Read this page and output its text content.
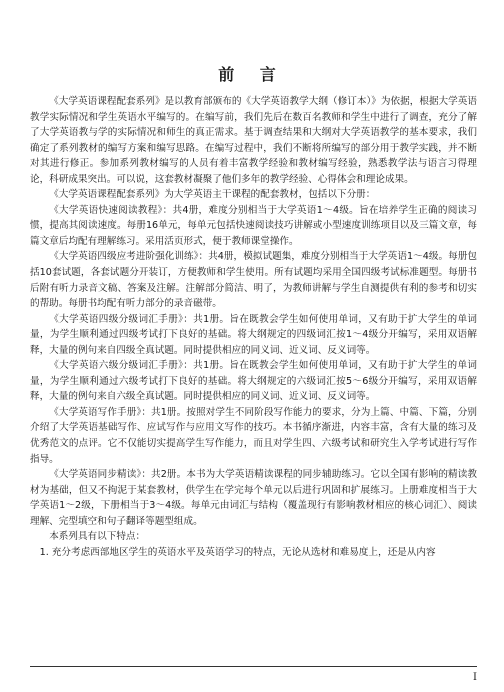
前 言

《大学英语课程配套系列》是以教育部颁布的《大学英语教学大纲（修订本）》为依据，根据大学英语教学实际情况和学生英语水平编写的。在编写前，我们先后在数百名教师和学生中进行了调查，充分了解了大学英语教与学的实际情况和师生的真正需求。基于调查结果和大纲对大学英语教学的基本要求，我们确定了系列教材的编写方案和编写思路。在编写过程中，我们不断将所编写的部分用于教学实践，并不断对其进行修正。参加系列教材编写的人员有着丰富教学经验和教材编写经验，熟悉教学法与语言习得理论，科研成果突出。可以说，这套教材凝聚了他们多年的教学经验、心得体会和理论成果。

《大学英语课程配套系列》为大学英语主干课程的配套教材，包括以下分册：

《大学英语快速阅读教程》：共4册，难度分别相当于大学英语1～4级。旨在培养学生正确的阅读习惯，提高其阅读速度。每册16单元，每单元包括快速阅读技巧讲解或小型速度训练项目以及三篇文章，每篇文章后均配有理解练习。采用活页形式，便于教师课堂操作。

《大学英语四级应考进阶强化训练》：共4册，模拟试题集，难度分别相当于大学英语1～4级。每册包括10套试题，各套试题分开装订，方便教师和学生使用。所有试题均采用全国四级考试标准题型。每册书后附有听力录音文稿、答案及注解。注解部分简洁、明了，为教师讲解与学生自测提供有利的参考和切实的帮助。每册书均配有听力部分的录音磁带。

《大学英语四级分级词汇手册》：共1册。旨在既教会学生如何使用单词，又有助于扩大学生的单词量，为学生顺利通过四级考试打下良好的基础。将大纲规定的四级词汇按1～4级分开编写，采用双语解释，大量的例句来自四级全真试题。同时提供相应的同义词、近义词、反义词等。

《大学英语六级分级词汇手册》：共1册。旨在既教会学生如何使用单词，又有助于扩大学生的单词量，为学生顺利通过六级考试打下良好的基础。将大纲规定的六级词汇按5～6级分开编写，采用双语解释，大量的例句来自六级全真试题。同时提供相应的同义词、近义词、反义词等。

《大学英语写作手册》：共1册。按照对学生不同阶段写作能力的要求，分为上篇、中篇、下篇，分别介绍了大学英语基础写作、应试写作与应用文写作的技巧。本书循序渐进，内容丰富，含有大量的练习及优秀范文的点评。它不仅能切实提高学生写作能力，而且对学生四、六级考试和研究生入学考试进行写作指导。

《大学英语同步精读》：共2册。本书为大学英语精读课程的同步辅助练习。它以全国有影响的精读教材为基础，但又不拘泥于某套教材，供学生在学完每个单元以后进行巩固和扩展练习。上册难度相当于大学英语1～2级，下册相当于3～4级。每单元由词汇与结构（覆盖现行有影响教材相应的核心词汇）、阅读理解、完型填空和句子翻译等题型组成。

本系列具有以下特点：

1. 充分考虑西部地区学生的英语水平及英语学习的特点，无论从选材和难易度上，还是从内容

I
